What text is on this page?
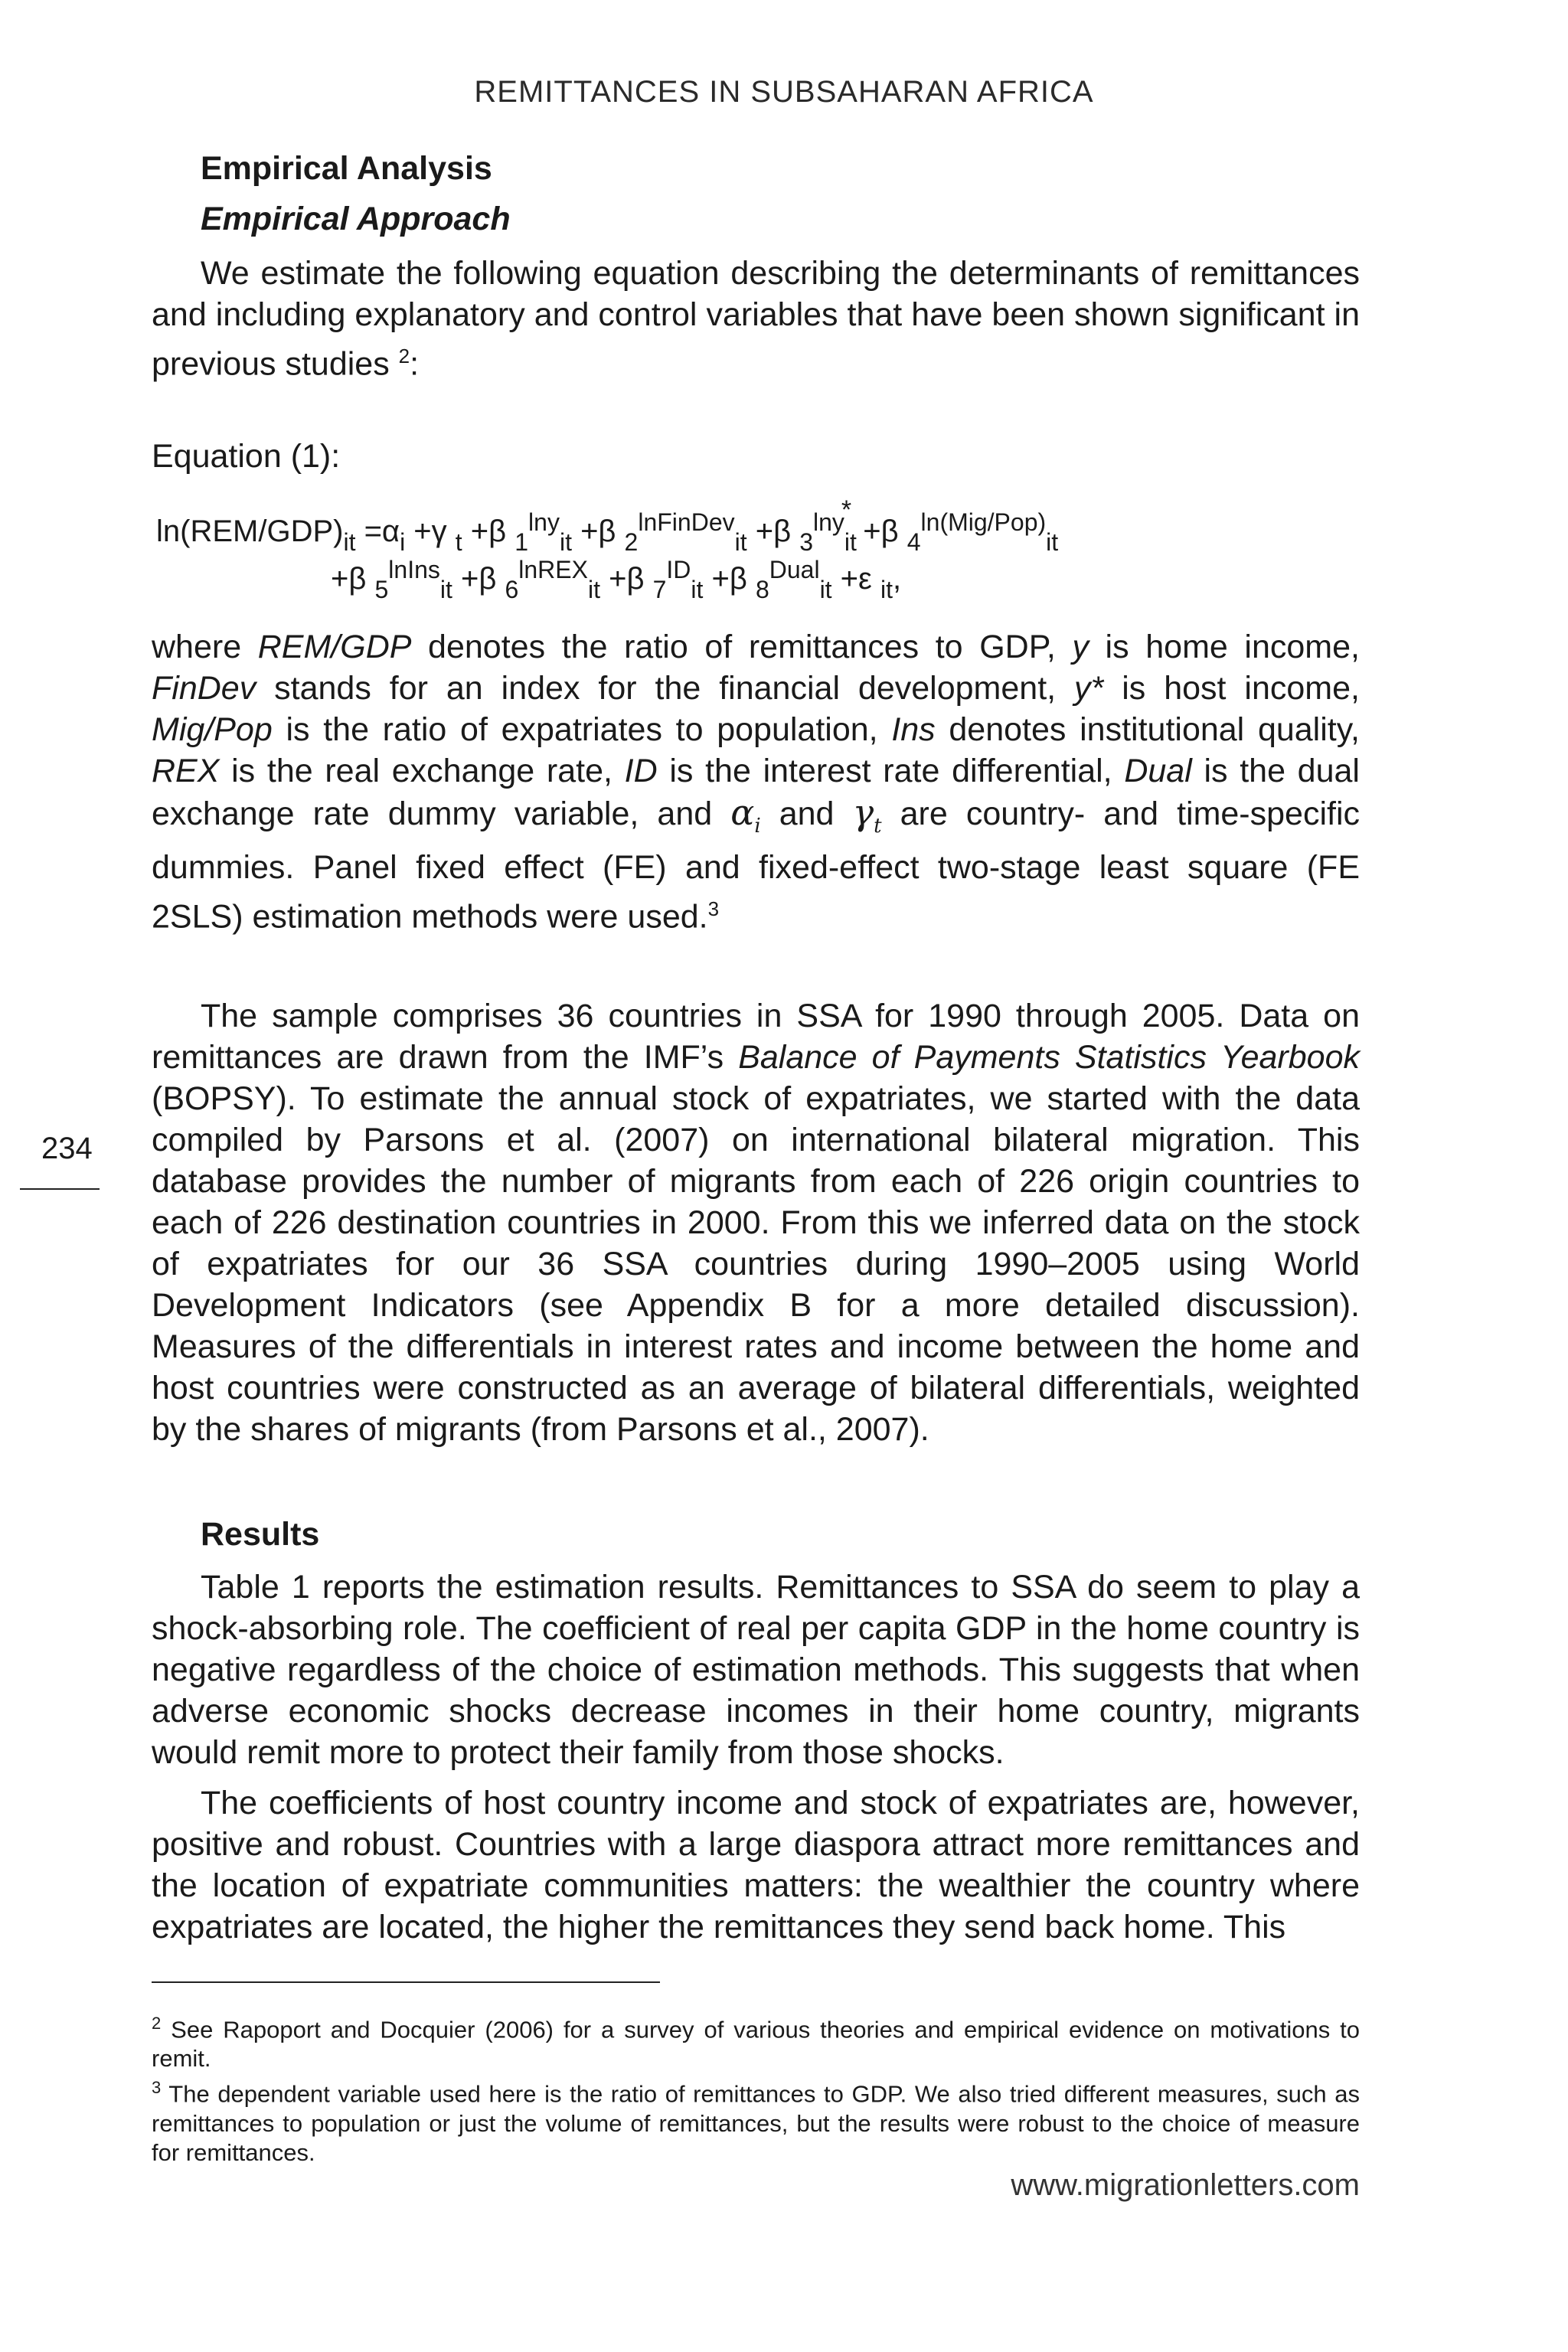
REMITTANCES IN SUBSAHARAN AFRICA
Empirical Analysis
Empirical Approach

We estimate the following equation describing the determinants of remittances and including explanatory and control variables that have been shown significant in previous studies $^2$:

Equation (1):
$\ln(REM/GDP)_{it} =\alpha_i +\gamma$ $_t$ +β $_1^{lny}_{it}$ +β $_2^{lnFinDev}_{it}$ +β $_3^{lny}_{it}$* +β $_4^{ln(Mig/Pop)}_{it}$
+β $_5^{lnIns}_{it}$ +β $_6^{lnREX}_{it}$ +β $_7^{ID}_{it}$ +β $_8^{Dual}_{it}$ +ε $_{it}$,

where REM/GDP denotes the ratio of remittances to GDP, y is home income, FinDev stands for an index for the financial development, y* is host income, Mig/Pop is the ratio of expatriates to population, Ins denotes institutional quality, REX is the real exchange rate, ID is the interest rate differential, Dual is the dual exchange rate dummy variable, and $\alpha_i$ and $\gamma_t$ are country- and time-specific dummies. Panel fixed effect (FE) and fixed-effect two-stage least square (FE 2SLS) estimation methods were used.$^3$

The sample comprises 36 countries in SSA for 1990 through 2005. Data on remittances are drawn from the IMF’s Balance of Payments Statistics Yearbook (BOPSY). To estimate the annual stock of expatriates, we started with the data compiled by Parsons et al. (2007) on international bilateral migration. This database provides the number of migrants from each of 226 origin countries to each of 226 destination countries in 2000. From this we inferred data on the stock of expatriates for our 36 SSA countries during 1990–2005 using World Development Indicators (see Appendix B for a more detailed discussion). Measures of the differentials in interest rates and income between the home and host countries were constructed as an average of bilateral differentials, weighted by the shares of migrants (from Parsons et al., 2007).

Results

Table 1 reports the estimation results. Remittances to SSA do seem to play a shock-absorbing role. The coefficient of real per capita GDP in the home country is negative regardless of the choice of estimation methods. This suggests that when adverse economic shocks decrease incomes in their home country, migrants would remit more to protect their family from those shocks.

The coefficients of host country income and stock of expatriates are, however, positive and robust. Countries with a large diaspora attract more remittances and the location of expatriate communities matters: the wealthier the country where expatriates are located, the higher the remittances they send back home. This

234

$^2$ See Rapoport and Docquier (2006) for a survey of various theories and empirical evidence on motivations to remit.

$^3$ The dependent variable used here is the ratio of remittances to GDP. We also tried different measures, such as remittances to population or just the volume of remittances, but the results were robust to the choice of measure for remittances.

www.migrationletters.com
